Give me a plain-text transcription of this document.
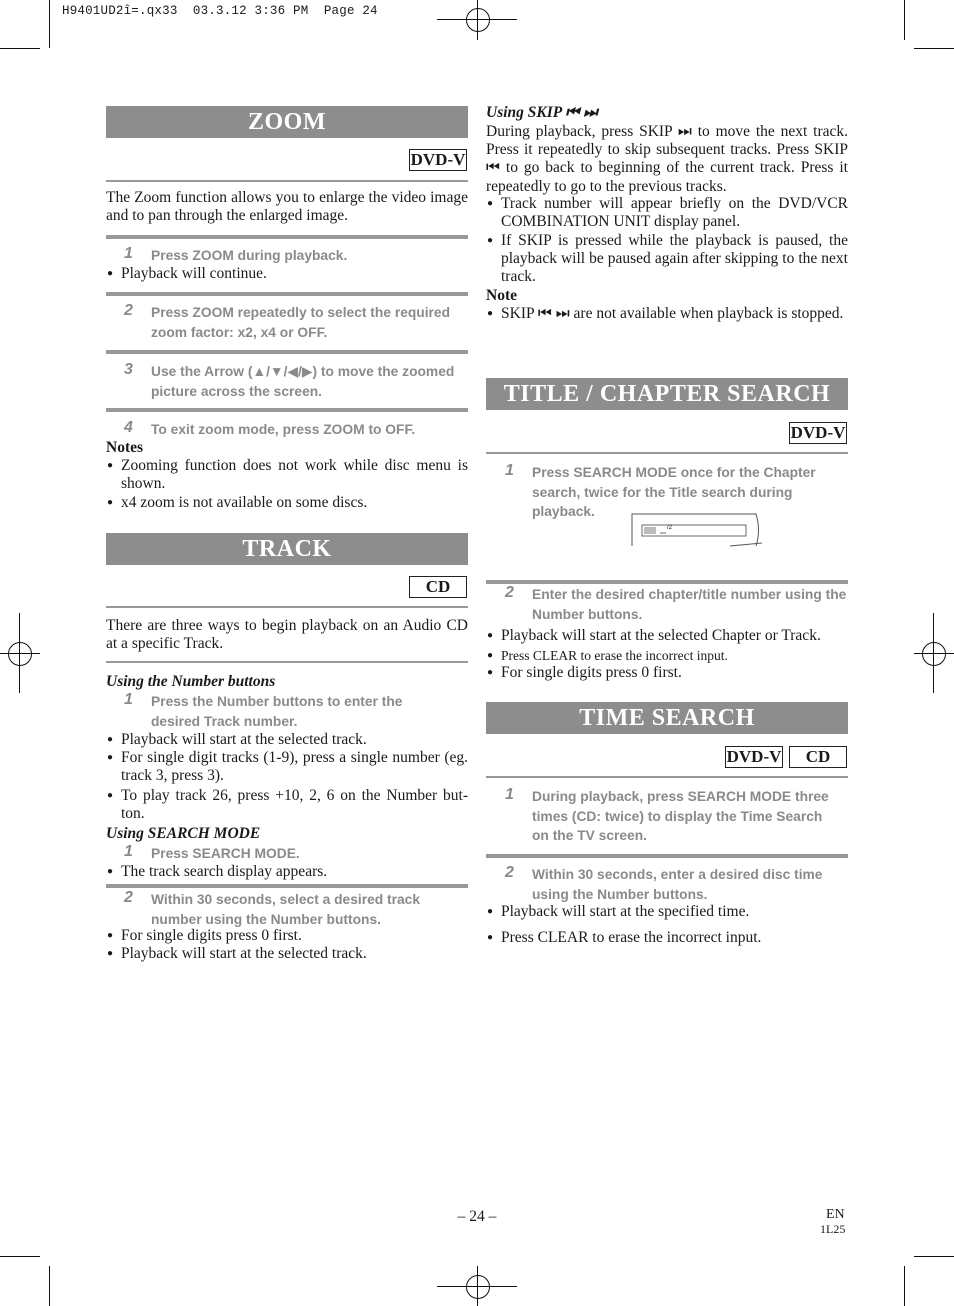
H9401UD2î=.qx33  03.3.12 3:36 PM  Page 24
ZOOM
DVD-V
The Zoom function allows you to enlarge the video image and to pan through the enlarged image.
1 Press ZOOM during playback.
● Playback will continue.
2 Press ZOOM repeatedly to select the required zoom factor: x2, x4 or OFF.
3 Use the Arrow (▲/▼/◀/▶) to move the zoomed picture across the screen.
4 To exit zoom mode, press ZOOM to OFF.
Notes
● Zooming function does not work while disc menu is shown.
● x4 zoom is not available on some discs.
TRACK
CD
There are three ways to begin playback on an Audio CD at a specific Track.
Using the Number buttons
1 Press the Number buttons to enter the desired Track number.
● Playback will start at the selected track.
● For single digit tracks (1-9), press a single number (eg. track 3, press 3).
● To play track 26, press +10, 2, 6 on the Number but-ton.
Using SEARCH MODE
1 Press SEARCH MODE.
● The track search display appears.
2 Within 30 seconds, select a desired track number using the Number buttons.
● For single digits press 0 first.
● Playback will start at the selected track.
Using SKIP ⏮ ⏭
During playback, press SKIP ⏭ to move the next track. Press it repeatedly to skip subsequent tracks. Press SKIP ⏮ to go back to beginning of the current track. Press it repeatedly to go to the previous tracks.
● Track number will appear briefly on the DVD/VCR COMBINATION UNIT display panel.
● If SKIP is pressed while the playback is paused, the playback will be paused again after skipping to the next track.
Note
● SKIP ⏮ ⏭ are not available when playback is stopped.
TITLE / CHAPTER SEARCH
DVD-V
1 Press SEARCH MODE once for the Chapter search, twice for the Title search during playback.
/2
2 Enter the desired chapter/title number using the Number buttons.
● Playback will start at the selected Chapter or Track.
● Press CLEAR to erase the incorrect input.
● For single digits press 0 first.
TIME SEARCH
DVD-V	CD
1 During playback, press SEARCH MODE three times (CD: twice) to display the Time Search on the TV screen.
2 Within 30 seconds, enter a desired disc time using the Number buttons.
● Playback will start at the specified time.
● Press CLEAR to erase the incorrect input.
– 24 –	EN
1L25
